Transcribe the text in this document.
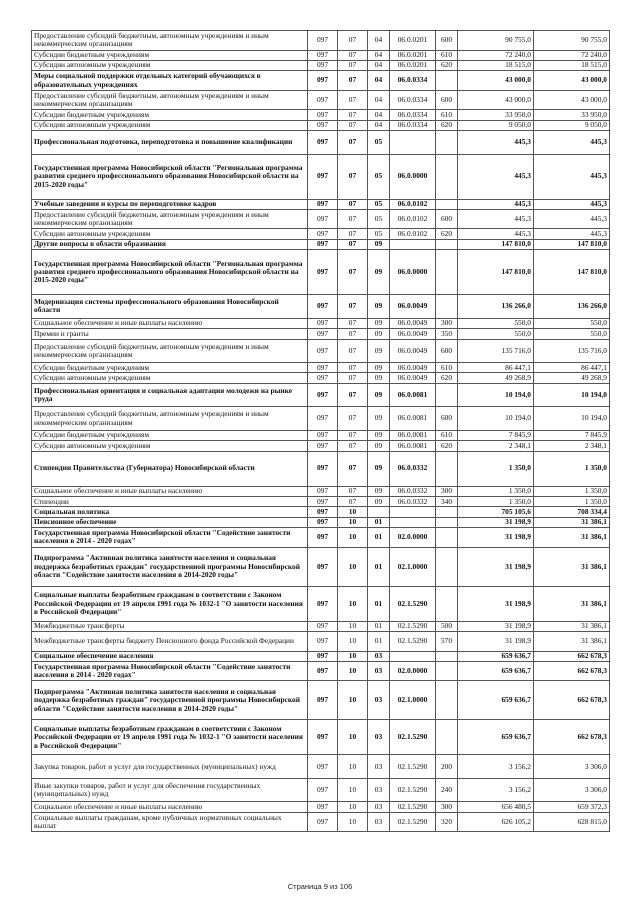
Предоставление субсидий бюджетным, автономным учреждениям и иным некоммерческим организациям	097	07	04	06.0.0201	600	90 755,0	90 755,0
Субсидии бюджетным учреждениям	097	07	04	06.0.0201	610	72 240,0	72 240,0
Субсидии автономным учреждениям	097	07	04	06.0.0201	620	18 515,0	18 515,0
Меры социальной поддержки отдельных категорий обучающихся в образовательных учреждениях	097	07	04	06.0.0334		43 000,0	43 000,0
Предоставление субсидий бюджетным, автономным учреждениям и иным некоммерческим организациям	097	07	04	06.0.0334	600	43 000,0	43 000,0
Субсидии бюджетным учреждениям	097	07	04	06.0.0334	610	33 950,0	33 950,0
Субсидии автономным учреждениям	097	07	04	06.0.0334	620	9 050,0	9 050,0
Профессиональная подготовка, переподготовка и повышение квалификации	097	07	05			445,3	445,3
Государственная программа Новосибирской области "Региональная программа развития среднего профессионального образования Новосибирской области на 2015-2020 годы"	097	07	05	06.0.0000		445,3	445,3
Учебные заведения и курсы по переподготовке кадров	097	07	05	06.0.0102		445,3	445,3
Предоставление субсидий бюджетным, автономным учреждениям и иным некоммерческим организациям	097	07	05	06.0.0102	600	445,3	445,3
Субсидии автономным учреждениям	097	07	05	06.0.0102	620	445,3	445,3
Другие вопросы в области образования	097	07	09			147 810,0	147 810,0
Государственная программа Новосибирской области "Региональная программа развития среднего профессионального образования Новосибирской области на 2015-2020 годы"	097	07	09	06.0.0000		147 810,0	147 810,0
Модернизация системы профессионального образования Новосибирской области	097	07	09	06.0.0049		136 266,0	136 266,0
Социальное обеспечение и иные выплаты населению	097	07	09	06.0.0049	300	550,0	550,0
Премии и гранты	097	07	09	06.0.0049	350	550,0	550,0
Предоставление субсидий бюджетным, автономным учреждениям и иным некоммерческим организациям	097	07	09	06.0.0049	600	135 716,0	135 716,0
Субсидии бюджетным учреждениям	097	07	09	06.0.0049	610	86 447,1	86 447,1
Субсидии автономным учреждениям	097	07	09	06.0.0049	620	49 268,9	49 268,9
Профессиональная ориентация и социальная адаптация молодежи на рынке труда	097	07	09	06.0.0081		10 194,0	10 194,0
Предоставление субсидий бюджетным, автономным учреждениям и иным некоммерческим организациям	097	07	09	06.0.0081	600	10 194,0	10 194,0
Субсидии бюджетным учреждениям	097	07	09	06.0.0081	610	7 845,9	7 845,9
Субсидии автономным учреждениям	097	07	09	06.0.0081	620	2 348,1	2 348,1
Стипендии Правительства (Губернатора) Новосибирской области	097	07	09	06.0.0332		1 350,0	1 350,0
Социальное обеспечение и иные выплаты населению	097	07	09	06.0.0332	300	1 350,0	1 350,0
Стипендии	097	07	09	06.0.0332	340	1 350,0	1 350,0
Социальная политика	097	10				705 105,6	708 334,4
Пенсионное обеспечение	097	10	01			31 198,9	31 386,1
Государственная программа Новосибирской области "Содействие занятости населения в 2014 - 2020 годах"	097	10	01	02.0.0000		31 198,9	31 386,1
Подпрограмма "Активная политика занятости населения и социальная поддержка безработных граждан" государственной программы Новосибирской области "Содействие занятости населения в 2014-2020 годы"	097	10	01	02.1.0000		31 198,9	31 386,1
Социальные выплаты безработным гражданам в соответствии с Законом Российской Федерации от 19 апреля 1991 года № 1032-1 "О занятости населения в Российской Федерации"	097	10	01	02.1.5290		31 198,9	31 386,1
Межбюджетные трансферты	097	10	01	02.1.5290	500	31 198,9	31 386,1
Межбюджетные трансферты бюджету Пенсионного фонда Российской Федерации	097	10	01	02.1.5290	570	31 198,9	31 386,1
Социальное обеспечение населения	097	10	03			659 636,7	662 678,3
Государственная программа Новосибирской области "Содействие занятости населения в 2014 - 2020 годах"	097	10	03	02.0.0000		659 636,7	662 678,3
Подпрограмма "Активная политика занятости населения и социальная поддержка безработных граждан" государственной программы Новосибирской области "Содействие занятости населения в 2014-2020 годы"	097	10	03	02.1.0000		659 636,7	662 678,3
Социальные выплаты безработным гражданам в соответствии с Законом Российской Федерации от 19 апреля 1991 года № 1032-1 "О занятости населения в Российской Федерации"	097	10	03	02.1.5290		659 636,7	662 678,3
Закупка товаров, работ и услуг для государственных (муниципальных) нужд	097	10	03	02.1.5290	200	3 156,2	3 306,0
Иные закупки товаров, работ и услуг для обеспечения государственных (муниципальных) нужд	097	10	03	02.1.5290	240	3 156,2	3 306,0
Социальное обеспечение и иные выплаты населению	097	10	03	02.1.5290	300	656 480,5	659 372,3
Социальные выплаты гражданам, кроме публичных нормативных социальных выплат	097	10	03	02.1.5290	320	626 105,2	628 815,0
Страница 9 из 106
